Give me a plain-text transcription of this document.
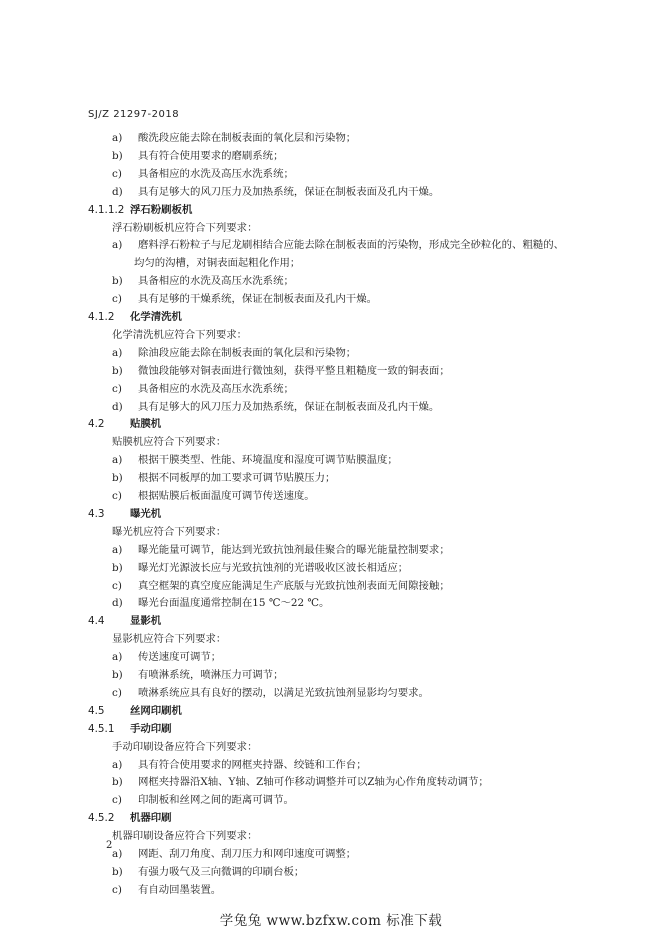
SJ/Z 21297-2018
a) 酸洗段应能去除在制板表面的氧化层和污染物；
b) 具有符合使用要求的磨刷系统；
c) 具备相应的水洗及高压水洗系统；
d) 具有足够大的风刀压力及加热系统，保证在制板表面及孔内干燥。
4.1.1.2 浮石粉刷板机
浮石粉刷板机应符合下列要求：
a) 磨料浮石粉粒子与尼龙刷相结合应能去除在制板表面的污染物，形成完全砂粒化的、粗糙的、
均匀的沟槽，对铜表面起粗化作用；
b) 具备相应的水洗及高压水洗系统；
c) 具有足够的干燥系统，保证在制板表面及孔内干燥。
4.1.2 化学清洗机
化学清洗机应符合下列要求：
a) 除油段应能去除在制板表面的氧化层和污染物；
b) 微蚀段能够对铜表面进行微蚀刻，获得平整且粗糙度一致的铜表面；
c) 具备相应的水洗及高压水洗系统；
d) 具有足够大的风刀压力及加热系统，保证在制板表面及孔内干燥。
4.2 贴膜机
贴膜机应符合下列要求：
a) 根据干膜类型、性能、环境温度和湿度可调节贴膜温度；
b) 根据不同板厚的加工要求可调节贴膜压力；
c) 根据贴膜后板面温度可调节传送速度。
4.3 曝光机
曝光机应符合下列要求：
a) 曝光能量可调节，能达到光致抗蚀剂最佳聚合的曝光能量控制要求；
b) 曝光灯光源波长应与光致抗蚀剂的光谱吸收区波长相适应；
c) 真空框架的真空度应能满足生产底版与光致抗蚀剂表面无间隙接触；
d) 曝光台面温度通常控制在15 ℃～22 ℃。
4.4 显影机
显影机应符合下列要求：
a) 传送速度可调节；
b) 有喷淋系统，喷淋压力可调节；
c) 喷淋系统应具有良好的摆动，以满足光致抗蚀剂显影均匀要求。
4.5 丝网印刷机
4.5.1 手动印刷
手动印刷设备应符合下列要求：
a) 具有符合使用要求的网框夹持器、绞链和工作台；
b) 网框夹持器沿X轴、Y轴、Z轴可作移动调整并可以Z轴为心作角度转动调节；
c) 印制板和丝网之间的距离可调节。
4.5.2 机器印刷
机器印刷设备应符合下列要求：
a) 网距、刮刀角度、刮刀压力和网印速度可调整；
b) 有强力吸气及三向微调的印刷台板；
c) 有自动回墨装置。
2
学兔兔 www.bzfxw.com 标准下载
